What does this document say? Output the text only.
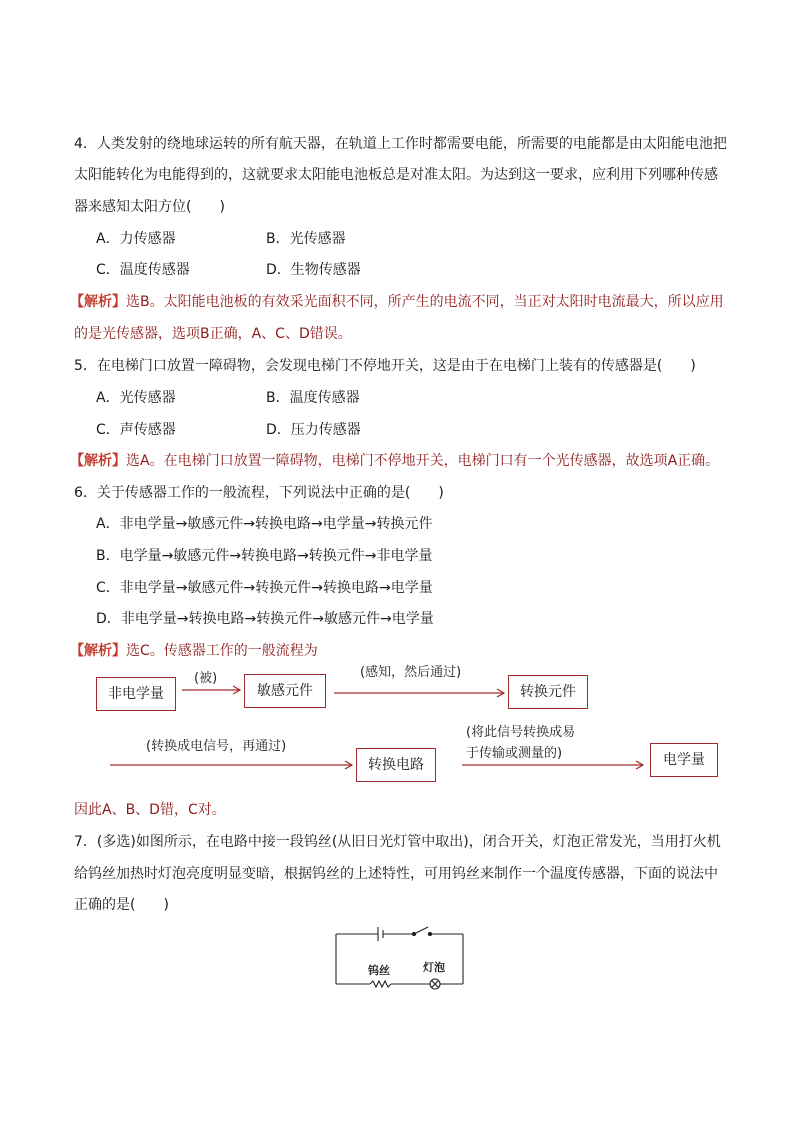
4．人类发射的绕地球运转的所有航天器，在轨道上工作时都需要电能，所需要的电能都是由太阳能电池把
太阳能转化为电能得到的，这就要求太阳能电池板总是对准太阳。为达到这一要求，应利用下列哪种传感
器来感知太阳方位(　　)
A．力传感器	B．光传感器
C．温度传感器	D．生物传感器
【解析】选B。太阳能电池板的有效采光面积不同，所产生的电流不同，当正对太阳时电流最大，所以应用
的是光传感器，选项B正确，A、C、D错误。
5．在电梯门口放置一障碍物，会发现电梯门不停地开关，这是由于在电梯门上装有的传感器是(　　)
A．光传感器	B．温度传感器
C．声传感器	D．压力传感器
【解析】选A。在电梯门口放置一障碍物，电梯门不停地开关，电梯门口有一个光传感器，故选项A正确。
6．关于传感器工作的一般流程，下列说法中正确的是(　　)
A．非电学量→敏感元件→转换电路→电学量→转换元件
B．电学量→敏感元件→转换电路→转换元件→非电学量
C．非电学量→敏感元件→转换元件→转换电路→电学量
D．非电学量→转换电路→转换元件→敏感元件→电学量
【解析】选C。传感器工作的一般流程为
非电学量
(被)
敏感元件
(感知，然后通过)
转换元件
(转换成电信号，再通过)
转换电路
(将此信号转换成易
于传输或测量的)	电学量
因此A、B、D错，C对。
7．(多选)如图所示，在电路中接一段钨丝(从旧日光灯管中取出)，闭合开关，灯泡正常发光，当用打火机
给钨丝加热时灯泡亮度明显变暗，根据钨丝的上述特性，可用钨丝来制作一个温度传感器，下面的说法中
正确的是(　　)
钨丝	灯泡
